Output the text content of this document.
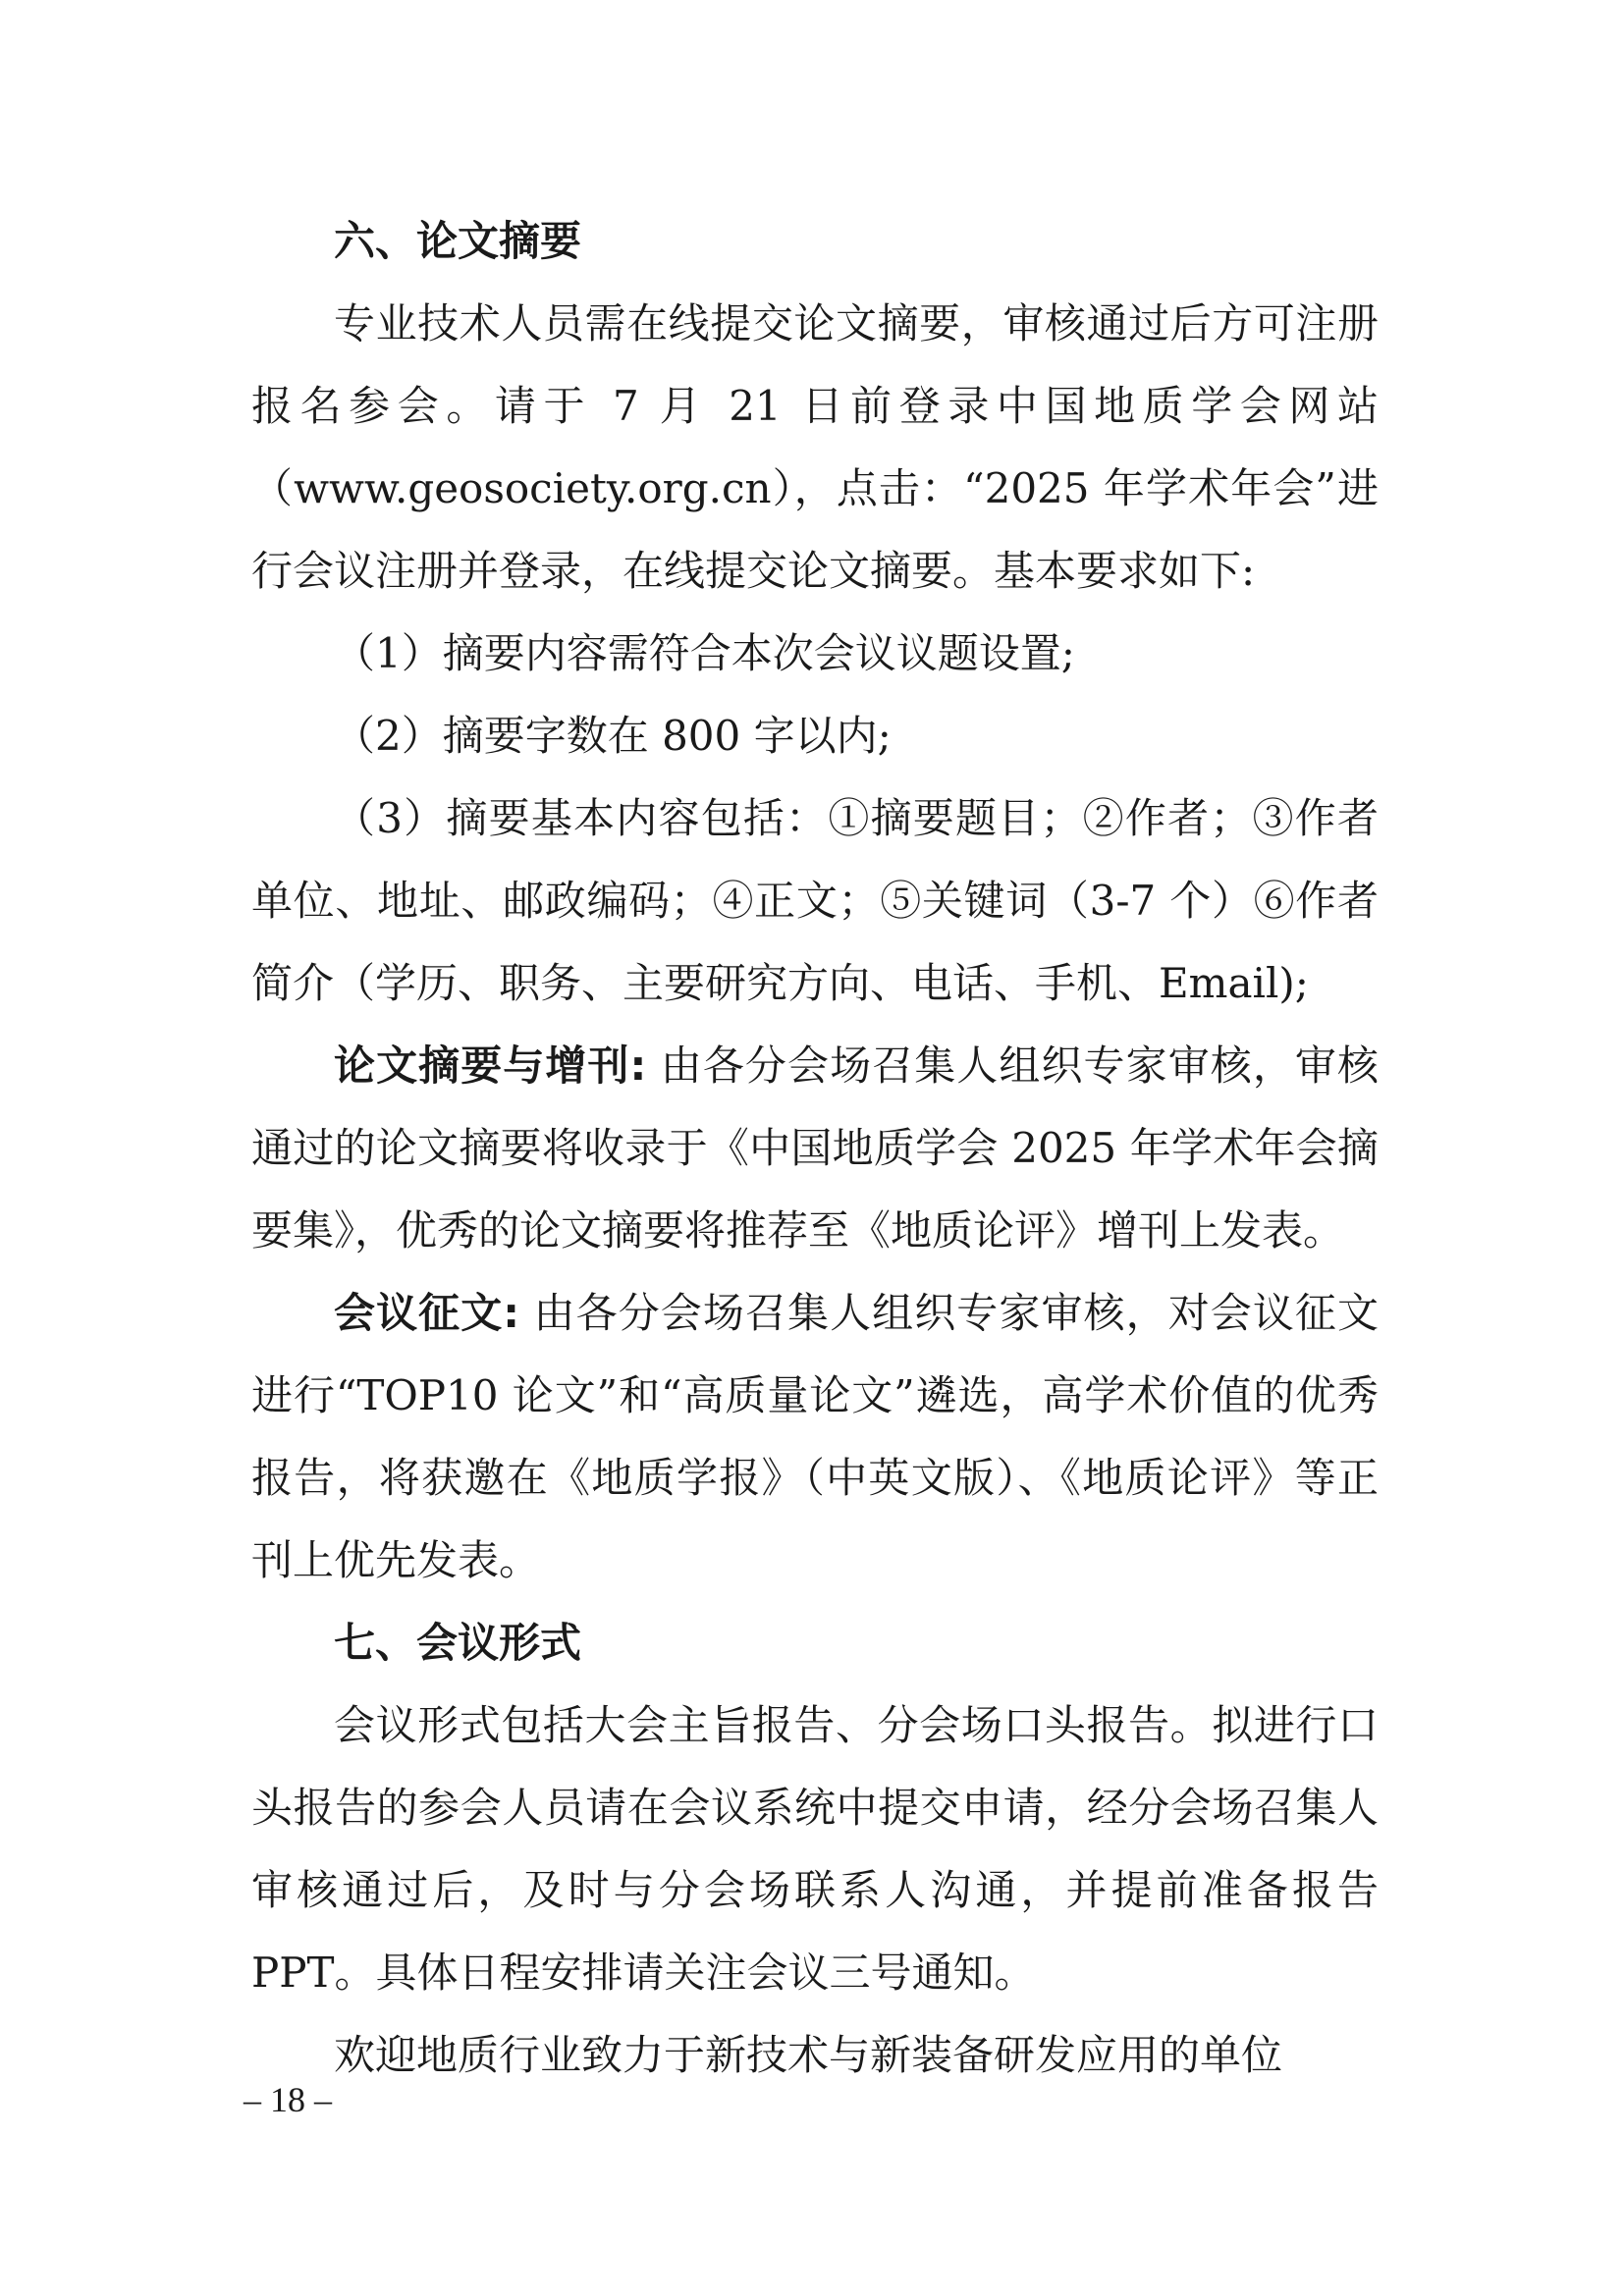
六、论文摘要

专业技术人员需在线提交论文摘要，审核通过后方可注册报名参会。请于 7 月 21 日前登录中国地质学会网站（www.geosociety.org.cn），点击：“2025 年学术年会”进行会议注册并登录，在线提交论文摘要。基本要求如下:

（1）摘要内容需符合本次会议议题设置;

（2）摘要字数在 800 字以内;

（3）摘要基本内容包括：①摘要题目；②作者；③作者单位、地址、邮政编码；④正文；⑤关键词（3-7 个）⑥作者简介（学历、职务、主要研究方向、电话、手机、Email);

论文摘要与增刊: 由各分会场召集人组织专家审核，审核通过的论文摘要将收录于《中国地质学会 2025 年学术年会摘要集》，优秀的论文摘要将推荐至《地质论评》增刊上发表。

会议征文: 由各分会场召集人组织专家审核，对会议征文进行“TOP10 论文”和“高质量论文”遴选，高学术价值的优秀报告，将获邀在《地质学报》（中英文版）、《地质论评》等正刊上优先发表。

七、会议形式

会议形式包括大会主旨报告、分会场口头报告。拟进行口头报告的参会人员请在会议系统中提交申请，经分会场召集人审核通过后，及时与分会场联系人沟通，并提前准备报告PPT。具体日程安排请关注会议三号通知。

欢迎地质行业致力于新技术与新装备研发应用的单位

– 18 –
